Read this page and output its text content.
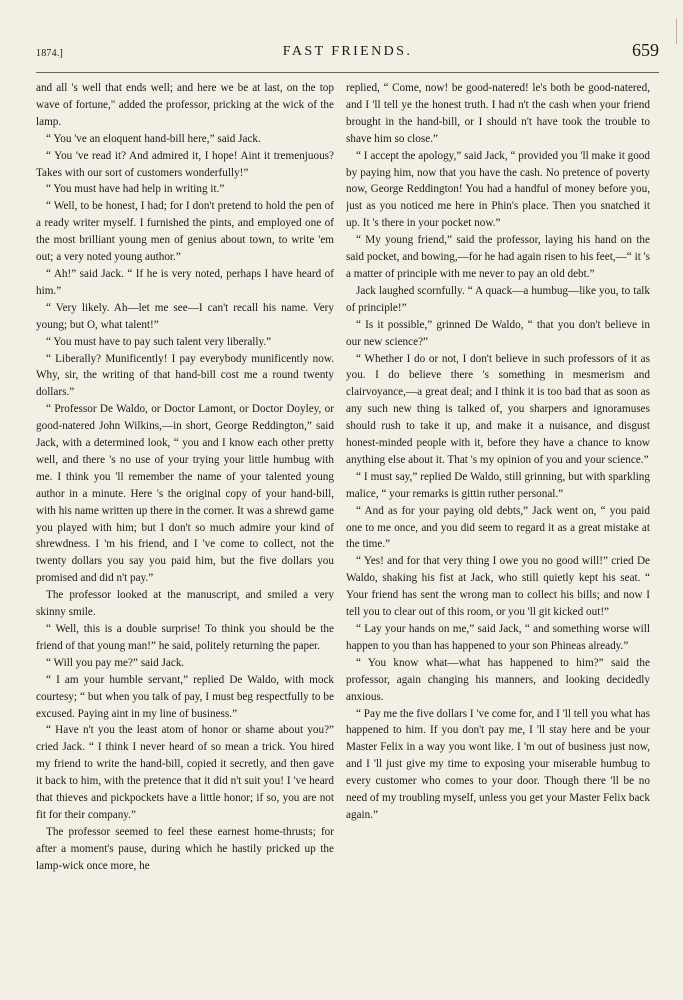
1874.]	FAST FRIENDS.	659

and all 's well that ends well; and here we be at last, on the top wave of fortune," added the professor, pricking at the wick of the lamp.

“ You 've an eloquent hand-bill here,” said Jack.

“ You 've read it? And admired it, I hope! Aint it tremenjuous? Takes with our sort of customers wonderfully!”

“ You must have had help in writing it.”

“ Well, to be honest, I had; for I don't pretend to hold the pen of a ready writer myself. I furnished the pints, and employed one of the most brilliant young men of genius about town, to write 'em out; a very noted young author.”

“ Ah!” said Jack. “ If he is very noted, perhaps I have heard of him.”

“ Very likely. Ah—let me see—I can't recall his name. Very young; but O, what talent!”

“ You must have to pay such talent very liberally.”

“ Liberally? Munificently! I pay everybody munificently now. Why, sir, the writing of that hand-bill cost me a round twenty dollars.”

“ Professor De Waldo, or Doctor Lamont, or Doctor Doyley, or good-natered John Wilkins,—in short, George Reddington,” said Jack, with a determined look, “ you and I know each other pretty well, and there 's no use of your trying your little humbug with me. I think you 'll remember the name of your talented young author in a minute. Here 's the original copy of your hand-bill, with his name written up there in the corner. It was a shrewd game you played with him; but I don't so much admire your kind of shrewdness. I 'm his friend, and I 've come to collect, not the twenty dollars you say you paid him, but the five dollars you promised and did n't pay.”

The professor looked at the manuscript, and smiled a very skinny smile.

“ Well, this is a double surprise! To think you should be the friend of that young man!” he said, politely returning the paper.

“ Will you pay me?” said Jack.

“ I am your humble servant,” replied De Waldo, with mock courtesy; “ but when you talk of pay, I must beg respectfully to be excused. Paying aint in my line of business.”

“ Have n't you the least atom of honor or shame about you?” cried Jack. “ I think I never heard of so mean a trick. You hired my friend to write the hand-bill, copied it secretly, and then gave it back to him, with the pretence that it did n't suit you! I 've heard that thieves and pickpockets have a little honor; if so, you are not fit for their company.”

The professor seemed to feel these earnest home-thrusts; for after a moment's pause, during which he hastily pricked up the lamp-wick once more, he

replied, “ Come, now! be good-natered! le's both be good-natered, and I 'll tell ye the honest truth. I had n't the cash when your friend brought in the hand-bill, or I should n't have took the trouble to shave him so close.”

“ I accept the apology,” said Jack, “ provided you 'll make it good by paying him, now that you have the cash. No pretence of poverty now, George Reddington! You had a handful of money before you, just as you noticed me here in Phin's place. Then you snatched it up. It 's there in your pocket now.”

“ My young friend,” said the professor, laying his hand on the said pocket, and bowing,—for he had again risen to his feet,—“ it 's a matter of principle with me never to pay an old debt.”

Jack laughed scornfully. “ A quack—a humbug—like you, to talk of principle!”

“ Is it possible,” grinned De Waldo, “ that you don't believe in our new science?”

“ Whether I do or not, I don't believe in such professors of it as you. I do believe there 's something in mesmerism and clairvoyance,—a great deal; and I think it is too bad that as soon as any such new thing is talked of, you sharpers and ignoramuses should rush to take it up, and make it a nuisance, and disgust honest-minded people with it, before they have a chance to know anything else about it. That 's my opinion of you and your science.”

“ I must say,” replied De Waldo, still grinning, but with sparkling malice, “ your remarks is gittin ruther personal.”

“ And as for your paying old debts,” Jack went on, “ you paid one to me once, and you did seem to regard it as a great mistake at the time.”

“ Yes! and for that very thing I owe you no good will!” cried De Waldo, shaking his fist at Jack, who still quietly kept his seat. “ Your friend has sent the wrong man to collect his bills; and now I tell you to clear out of this room, or you 'll git kicked out!”

“ Lay your hands on me,” said Jack, “ and something worse will happen to you than has happened to your son Phineas already.”

“ You know what—what has happened to him?” said the professor, again changing his manners, and looking decidedly anxious.

“ Pay me the five dollars I 've come for, and I 'll tell you what has happened to him. If you don't pay me, I 'll stay here and be your Master Felix in a way you wont like. I 'm out of business just now, and I 'll just give my time to exposing your miserable humbug to every customer who comes to your door. Though there 'll be no need of my troubling myself, unless you get your Master Felix back again.”
